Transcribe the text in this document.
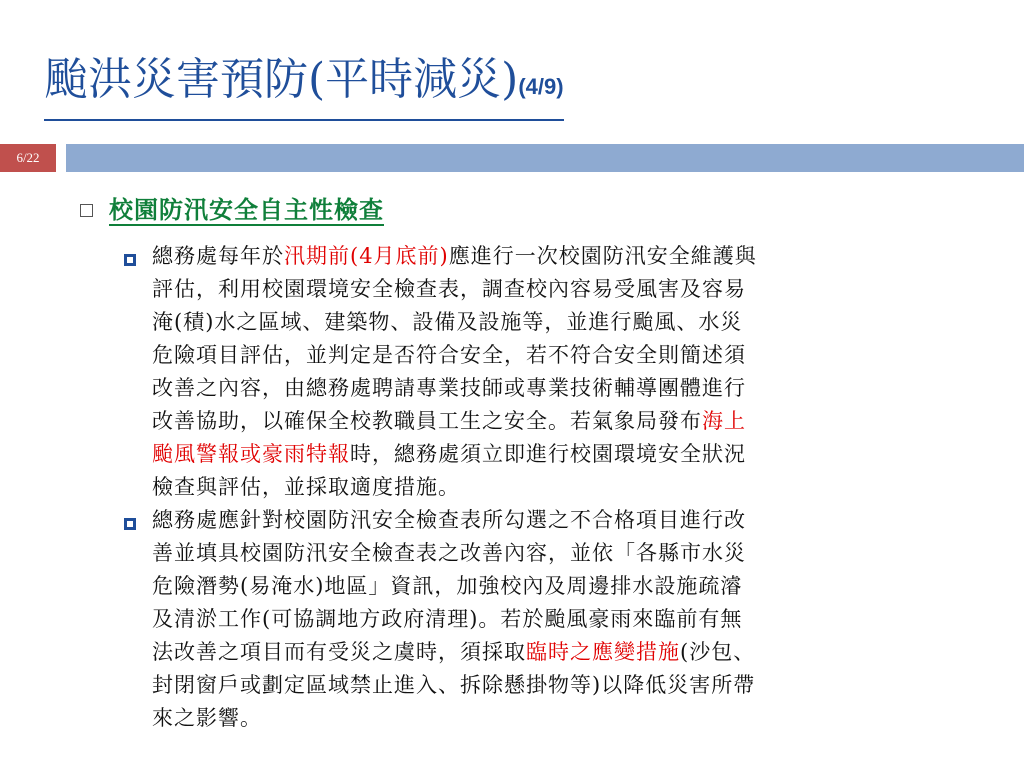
颱洪災害預防(平時減災)(4/9)
6/22
校園防汛安全自主性檢查
總務處每年於汛期前(4月底前)應進行一次校園防汛安全維護與
評估，利用校園環境安全檢查表，調查校內容易受風害及容易
淹(積)水之區域、建築物、設備及設施等，並進行颱風、水災
危險項目評估，並判定是否符合安全，若不符合安全則簡述須
改善之內容，由總務處聘請專業技師或專業技術輔導團體進行
改善協助，以確保全校教職員工生之安全。若氣象局發布海上
颱風警報或豪雨特報時，總務處須立即進行校園環境安全狀況
檢查與評估，並採取適度措施。
總務處應針對校園防汛安全檢查表所勾選之不合格項目進行改
善並填具校園防汛安全檢查表之改善內容，並依「各縣市水災
危險潛勢(易淹水)地區」資訊，加強校內及周邊排水設施疏濬
及清淤工作(可協調地方政府清理)。若於颱風豪雨來臨前有無
法改善之項目而有受災之虞時，須採取臨時之應變措施(沙包、
封閉窗戶或劃定區域禁止進入、拆除懸掛物等)以降低災害所帶
來之影響。
